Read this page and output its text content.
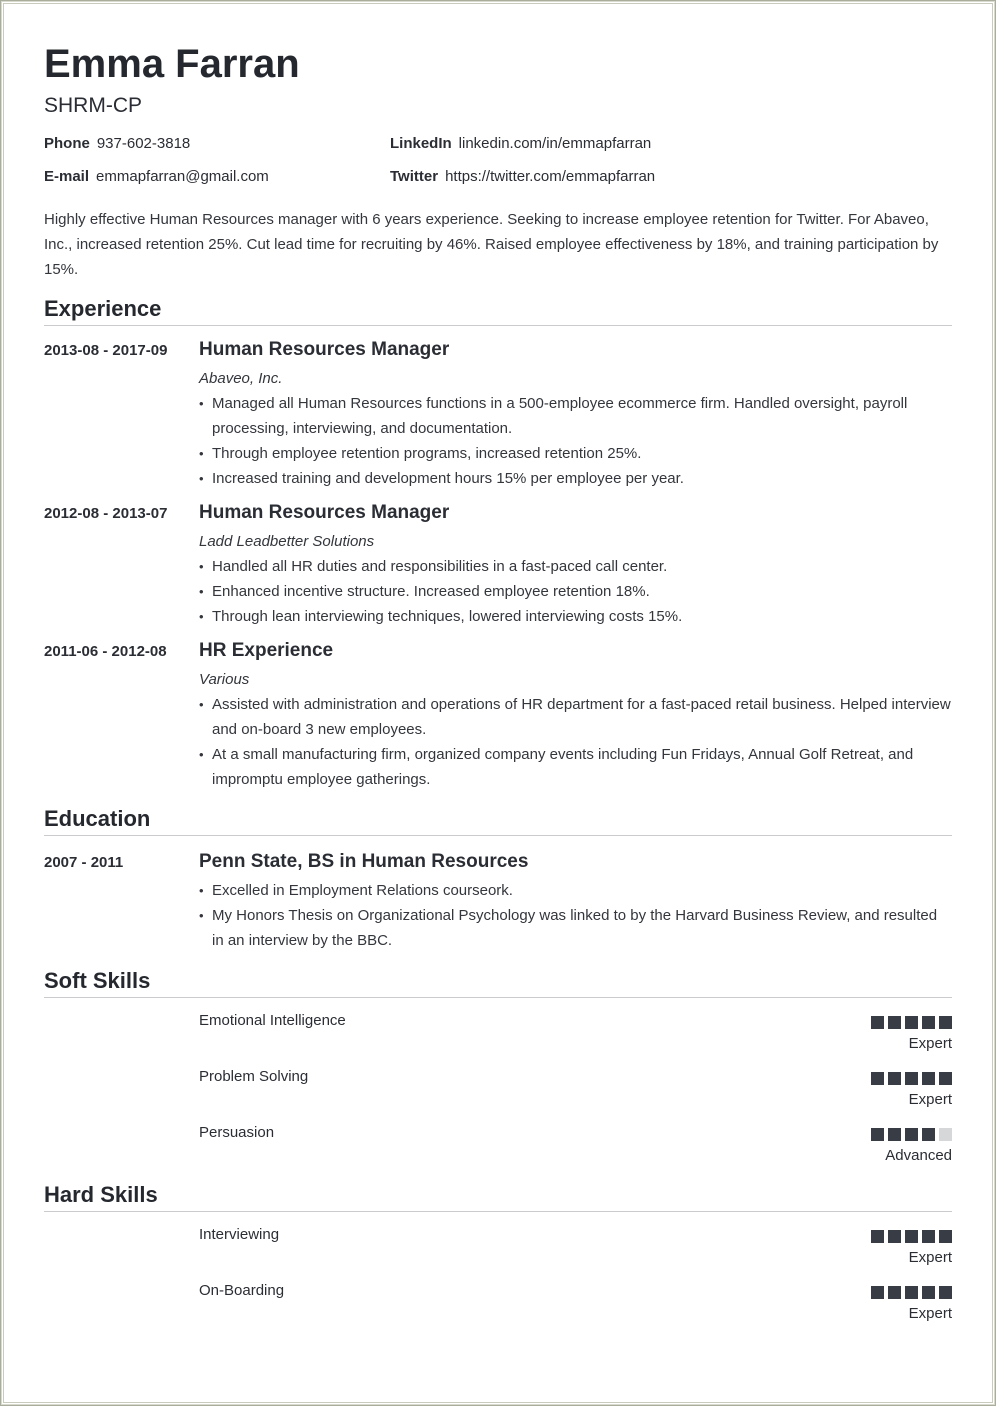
Emma Farran
SHRM-CP
Phone 937-602-3818	LinkedIn linkedin.com/in/emmapfarran
E-mail emmapfarran@gmail.com	Twitter https://twitter.com/emmapfarran
Highly effective Human Resources manager with 6 years experience. Seeking to increase employee retention for Twitter. For Abaveo, Inc., increased retention 25%. Cut lead time for recruiting by 46%. Raised employee effectiveness by 18%, and training participation by 15%.
Experience
2013-08 - 2017-09 Human Resources Manager
Abaveo, Inc.
• Managed all Human Resources functions in a 500-employee ecommerce firm. Handled oversight, payroll processing, interviewing, and documentation.
• Through employee retention programs, increased retention 25%.
• Increased training and development hours 15% per employee per year.
2012-08 - 2013-07 Human Resources Manager
Ladd Leadbetter Solutions
• Handled all HR duties and responsibilities in a fast-paced call center.
• Enhanced incentive structure. Increased employee retention 18%.
• Through lean interviewing techniques, lowered interviewing costs 15%.
2011-06 - 2012-08 HR Experience
Various
• Assisted with administration and operations of HR department for a fast-paced retail business. Helped interview and on-board 3 new employees.
• At a small manufacturing firm, organized company events including Fun Fridays, Annual Golf Retreat, and impromptu employee gatherings.
Education
2007 - 2011	Penn State, BS in Human Resources
• Excelled in Employment Relations courseork.
• My Honors Thesis on Organizational Psychology was linked to by the Harvard Business Review, and resulted in an interview by the BBC.
Soft Skills
Emotional Intelligence
Expert
Problem Solving
Expert
Persuasion
Advanced
Hard Skills
Interviewing
Expert
On-Boarding
Expert
